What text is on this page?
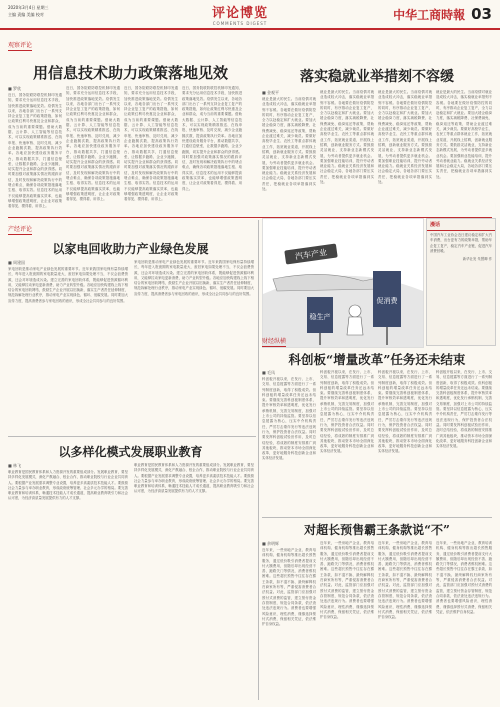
2020年3月4日 星期三
主编 责编 美编 校对	评论博览
COMMENTS DIGEST
中华工商時報 03
观察评论
用信息技术助力政策落地见效
■ 罗欣
近日，国务院联防联控机制印发通知，要求充分运用信息技术手段，加快推进政策落地见效。疫情发生以来，各地各部门出台了一系列支持企业复工复产的政策措施，如何让政策红利尽快惠及企业和群众，成为当前的重要课题。借助大数据、云计算、人工智能等信息技术，可以实现政策精准推送、在线申报、快速审核、及时兑现，减少企业跑腿次数，提高政策执行效率。各地应加快建设政务服务平台，推动数据共享，打通信息壁垒，让数据多跑路、企业少跑腿，切实提升企业和群众的获得感。同时要加强对政策落实情况的跟踪评估，及时发现和解决政策执行中的堵点难点，确保各项政策措施落地生根、取得实效。信息技术的运用不仅能够提高政策落实效率，也能够增强政策透明度，让企业对政策看得见、摸得着、用得上。
近日，国务院联防联控机制印发通知，要求充分运用信息技术手段，加快推进政策落地见效。疫情发生以来，各地各部门出台了一系列支持企业复工复产的政策措施，如何让政策红利尽快惠及企业和群众，成为当前的重要课题。借助大数据、云计算、人工智能等信息技术，可以实现政策精准推送、在线申报、快速审核、及时兑现，减少企业跑腿次数，提高政策执行效率。各地应加快建设政务服务平台，推动数据共享，打通信息壁垒，让数据多跑路、企业少跑腿，切实提升企业和群众的获得感。同时要加强对政策落实情况的跟踪评估，及时发现和解决政策执行中的堵点难点，确保各项政策措施落地生根、取得实效。信息技术的运用不仅能够提高政策落实效率，也能够增强政策透明度，让企业对政策看得见、摸得着、用得上。
近日，国务院联防联控机制印发通知，要求充分运用信息技术手段，加快推进政策落地见效。疫情发生以来，各地各部门出台了一系列支持企业复工复产的政策措施，如何让政策红利尽快惠及企业和群众，成为当前的重要课题。借助大数据、云计算、人工智能等信息技术，可以实现政策精准推送、在线申报、快速审核、及时兑现，减少企业跑腿次数，提高政策执行效率。各地应加快建设政务服务平台，推动数据共享，打通信息壁垒，让数据多跑路、企业少跑腿，切实提升企业和群众的获得感。同时要加强对政策落实情况的跟踪评估，及时发现和解决政策执行中的堵点难点，确保各项政策措施落地生根、取得实效。信息技术的运用不仅能够提高政策落实效率，也能够增强政策透明度，让企业对政策看得见、摸得着、用得上。
近日，国务院联防联控机制印发通知，要求充分运用信息技术手段，加快推进政策落地见效。疫情发生以来，各地各部门出台了一系列支持企业复工复产的政策措施，如何让政策红利尽快惠及企业和群众，成为当前的重要课题。借助大数据、云计算、人工智能等信息技术，可以实现政策精准推送、在线申报、快速审核、及时兑现，减少企业跑腿次数，提高政策执行效率。各地应加快建设政务服务平台，推动数据共享，打通信息壁垒，让数据多跑路、企业少跑腿，切实提升企业和群众的获得感。同时要加强对政策落实情况的跟踪评估，及时发现和解决政策执行中的堵点难点，确保各项政策措施落地生根、取得实效。信息技术的运用不仅能够提高政策落实效率，也能够增强政策透明度，让企业对政策看得见、摸得着、用得上。
落实稳就业举措刻不容缓
■ 金观平
就业是最大的民生。当前疫情对就业造成较大冲击，落实稳就业举措刻不容缓。各地要在做好疫情防控的同时，有序推动企业复工复产，全力以赴稳定和扩大就业。要加大援企稳岗力度，落实减税降费、社保费减免、稳岗返还等政策，帮助企业渡过难关，减少裁员。要做好高校毕业生、农民工等重点群体就业工作，拓宽就业渠道，开展线上招聘，创新就业服务方式。要鼓励灵活就业，支持新业态新模式发展，为劳动者提供更多就业机会。要加强职业技能培训，提升劳动者就业能力。稳就业关系经济发展和社会稳定大局，各地各部门要压实责任，把稳就业各项举措落到实处。
就业是最大的民生。当前疫情对就业造成较大冲击，落实稳就业举措刻不容缓。各地要在做好疫情防控的同时，有序推动企业复工复产，全力以赴稳定和扩大就业。要加大援企稳岗力度，落实减税降费、社保费减免、稳岗返还等政策，帮助企业渡过难关，减少裁员。要做好高校毕业生、农民工等重点群体就业工作，拓宽就业渠道，开展线上招聘，创新就业服务方式。要鼓励灵活就业，支持新业态新模式发展，为劳动者提供更多就业机会。要加强职业技能培训，提升劳动者就业能力。稳就业关系经济发展和社会稳定大局，各地各部门要压实责任，把稳就业各项举措落到实处。
就业是最大的民生。当前疫情对就业造成较大冲击，落实稳就业举措刻不容缓。各地要在做好疫情防控的同时，有序推动企业复工复产，全力以赴稳定和扩大就业。要加大援企稳岗力度，落实减税降费、社保费减免、稳岗返还等政策，帮助企业渡过难关，减少裁员。要做好高校毕业生、农民工等重点群体就业工作，拓宽就业渠道，开展线上招聘，创新就业服务方式。要鼓励灵活就业，支持新业态新模式发展，为劳动者提供更多就业机会。要加强职业技能培训，提升劳动者就业能力。稳就业关系经济发展和社会稳定大局，各地各部门要压实责任，把稳就业各项举措落到实处。
就业是最大的民生。当前疫情对就业造成较大冲击，落实稳就业举措刻不容缓。各地要在做好疫情防控的同时，有序推动企业复工复产，全力以赴稳定和扩大就业。要加大援企稳岗力度，落实减税降费、社保费减免、稳岗返还等政策，帮助企业渡过难关，减少裁员。要做好高校毕业生、农民工等重点群体就业工作，拓宽就业渠道，开展线上招聘，创新就业服务方式。要鼓励灵活就业，支持新业态新模式发展，为劳动者提供更多就业机会。要加强职业技能培训，提升劳动者就业能力。稳就业关系经济发展和社会稳定大局，各地各部门要压实责任，把稳就业各项举措落到实处。
产经评论
以家电回收助力产业绿色发展
■ 周建国
家电回收是推动家电产业绿色发展的重要环节。近年来我国家电保有量持续增长，每年进入报废期的家电数量庞大，废旧家电如果处理不当，不仅会浪费资源，还会对环境造成污染。建立完善的家电回收体系，既能够促进资源循环利用，又能够拉动家电更新消费，助力产业转型升级。各地应加快构建线上线下相结合的家电回收网络，鼓励生产企业开展以旧换新，落实生产者责任延伸制度，规范拆解处理行业秩序，推动家电产业实现绿色、循环、低碳发展。同时要加大宣传力度，提高消费者参与家电回收的意识，形成全社会共同参与的良好氛围。
家电回收是推动家电产业绿色发展的重要环节。近年来我国家电保有量持续增长，每年进入报废期的家电数量庞大，废旧家电如果处理不当，不仅会浪费资源，还会对环境造成污染。建立完善的家电回收体系，既能够促进资源循环利用，又能够拉动家电更新消费，助力产业转型升级。各地应加快构建线上线下相结合的家电回收网络，鼓励生产企业开展以旧换新，落实生产者责任延伸制度，规范拆解处理行业秩序，推动家电产业实现绿色、循环、低碳发展。同时要加大宣传力度，提高消费者参与家电回收的意识，形成全社会共同参与的良好氛围。
以多样化模式发展职业教育
■ 林飞
职业教育是国民教育体系和人力资源开发的重要组成部分。发展职业教育，要坚持多样化发展模式，深化产教融合、校企合作，推动职业院校与行业企业共同育人。要根据产业发展需求调整专业设置，培养更多高素质技术技能人才。要鼓励社会力量参与举办职业教育，形成政府统筹管理、社会多元办学的格局。要完善职业教育和培训体系，畅通技术技能人才成长通道，提高职业教育吸引力和社会认可度，为经济高质量发展提供有力的人才支撑。
职业教育是国民教育体系和人力资源开发的重要组成部分。发展职业教育，要坚持多样化发展模式，深化产教融合、校企合作，推动职业院校与行业企业共同育人。要根据产业发展需求调整专业设置，培养更多高素质技术技能人才。要鼓励社会力量参与举办职业教育，形成政府统筹管理、社会多元办学的格局。要完善职业教育和培训体系，畅通技术技能人才成长通道，提高职业教育吸引力和社会认可度，为经济高质量发展提供有力的人才支撑。
汽车产业
稳生产
促消费
漫话
中国汽车工业协会近日建议稳定和扩大汽车消费，出台更有力的政策举措，帮助车企复工复产，稳定汽车产业链，促进汽车消费回暖。
新华社发 朱慧卿 作
财经纵横
科创板“增量改革”任务还未结束
■ 毛凤
科创板开板以来，在发行、上市、交易、信息披露等方面进行了一系列制度创新，取得了积极成效。但科创板的增量改革任务还远未结束。要继续完善科创板制度体系，提升审核效率和透明度，优化发行承销机制，完善交易制度，加强对上市公司的持续监管。要坚持以信息披露为核心，压实中介机构责任，严厉打击欺诈发行等违法违规行为，保护投资者合法权益。同时要发挥科创板试验田作用，及时总结经验，将成熟的制度安排推广到其他板块，推动资本市场全面深化改革，更好地服务科技创新企业和实体经济发展。
科创板开板以来，在发行、上市、交易、信息披露等方面进行了一系列制度创新，取得了积极成效。但科创板的增量改革任务还远未结束。要继续完善科创板制度体系，提升审核效率和透明度，优化发行承销机制，完善交易制度，加强对上市公司的持续监管。要坚持以信息披露为核心，压实中介机构责任，严厉打击欺诈发行等违法违规行为，保护投资者合法权益。同时要发挥科创板试验田作用，及时总结经验，将成熟的制度安排推广到其他板块，推动资本市场全面深化改革，更好地服务科技创新企业和实体经济发展。
科创板开板以来，在发行、上市、交易、信息披露等方面进行了一系列制度创新，取得了积极成效。但科创板的增量改革任务还远未结束。要继续完善科创板制度体系，提升审核效率和透明度，优化发行承销机制，完善交易制度，加强对上市公司的持续监管。要坚持以信息披露为核心，压实中介机构责任，严厉打击欺诈发行等违法违规行为，保护投资者合法权益。同时要发挥科创板试验田作用，及时总结经验，将成熟的制度安排推广到其他板块，推动资本市场全面深化改革，更好地服务科技创新企业和实体经济发展。
科创板开板以来，在发行、上市、交易、信息披露等方面进行了一系列制度创新，取得了积极成效。但科创板的增量改革任务还远未结束。要继续完善科创板制度体系，提升审核效率和透明度，优化发行承销机制，完善交易制度，加强对上市公司的持续监管。要坚持以信息披露为核心，压实中介机构责任，严厉打击欺诈发行等违法违规行为，保护投资者合法权益。同时要发挥科创板试验田作用，及时总结经验，将成熟的制度安排推广到其他板块，推动资本市场全面深化改革，更好地服务科技创新企业和实体经济发展。
对超长预售霸王条款说“不”
■ 余明辉
近年来，一些房地产企业、教育培训机构、健身机构等推出超长预售服务，通过低价吸引消费者提前支付大额费用，但随后却出现经营不善、跑路关门等情况，消费者维权困难。这些超长预售中往往存在霸王条款，如不退不换、最终解释权归商家所有等，严重侵害消费者合法权益。对此，监管部门应加强对预付式消费的监管，建立预付资金存管制度，规范合同条款，依法查处违法违规行为。消费者也要增强风险意识，理性消费，谨慎选择预付式消费，保留相关凭证，依法维护自身权益。
近年来，一些房地产企业、教育培训机构、健身机构等推出超长预售服务，通过低价吸引消费者提前支付大额费用，但随后却出现经营不善、跑路关门等情况，消费者维权困难。这些超长预售中往往存在霸王条款，如不退不换、最终解释权归商家所有等，严重侵害消费者合法权益。对此，监管部门应加强对预付式消费的监管，建立预付资金存管制度，规范合同条款，依法查处违法违规行为。消费者也要增强风险意识，理性消费，谨慎选择预付式消费，保留相关凭证，依法维护自身权益。
近年来，一些房地产企业、教育培训机构、健身机构等推出超长预售服务，通过低价吸引消费者提前支付大额费用，但随后却出现经营不善、跑路关门等情况，消费者维权困难。这些超长预售中往往存在霸王条款，如不退不换、最终解释权归商家所有等，严重侵害消费者合法权益。对此，监管部门应加强对预付式消费的监管，建立预付资金存管制度，规范合同条款，依法查处违法违规行为。消费者也要增强风险意识，理性消费，谨慎选择预付式消费，保留相关凭证，依法维护自身权益。
近年来，一些房地产企业、教育培训机构、健身机构等推出超长预售服务，通过低价吸引消费者提前支付大额费用，但随后却出现经营不善、跑路关门等情况，消费者维权困难。这些超长预售中往往存在霸王条款，如不退不换、最终解释权归商家所有等，严重侵害消费者合法权益。对此，监管部门应加强对预付式消费的监管，建立预付资金存管制度，规范合同条款，依法查处违法违规行为。消费者也要增强风险意识，理性消费，谨慎选择预付式消费，保留相关凭证，依法维护自身权益。
